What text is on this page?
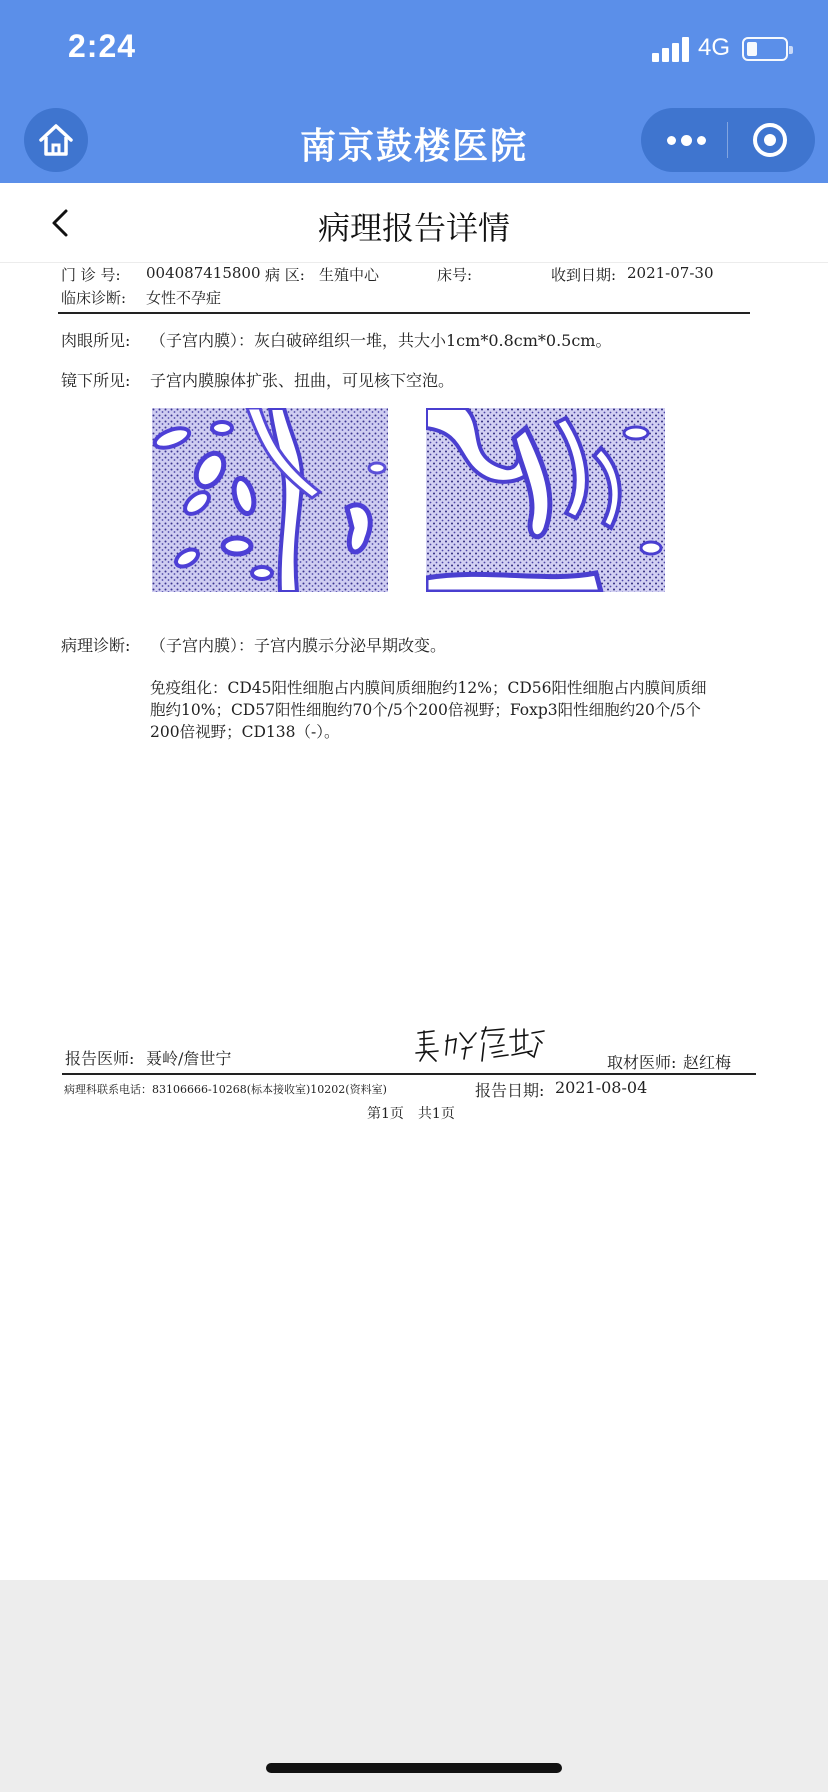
2:24	4G
南京鼓楼医院
病理报告详情
门 诊 号: 004087415800 病 区: 生殖中心	床号:	收到日期: 2021-07-30
临床诊断: 女性不孕症
肉眼所见: （子宫内膜）：灰白破碎组织一堆，共大小1cm*0.8cm*0.5cm。
镜下所见: 子宫内膜腺体扩张、扭曲，可见核下空泡。
病理诊断: （子宫内膜）：子宫内膜示分泌早期改变。
免疫组化：CD45阳性细胞占内膜间质细胞约12%；CD56阳性细胞占内膜间质细
胞约10%；CD57阳性细胞约70个/5个200倍视野；Foxp3阳性细胞约20个/5个
200倍视野；CD138（-）。
报告医师: 聂岭/詹世宁	取材医师: 赵红梅
病理科联系电话：83106666-10268(标本接收室)10202(资料室)	报告日期: 2021-08-04
第1页　共1页
